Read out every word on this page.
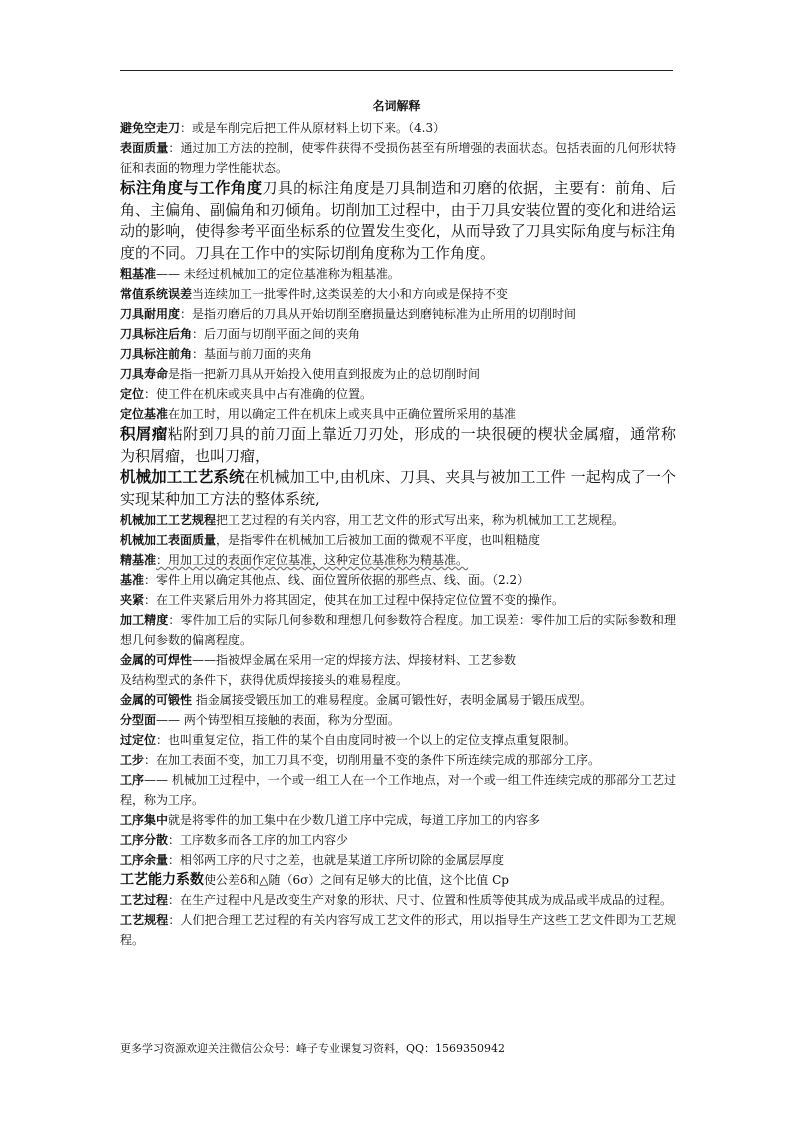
名词解释
避免空走刀：或是车削完后把工件从原材料上切下来。（4.3）
表面质量：通过加工方法的控制，使零件获得不受损伤甚至有所增强的表面状态。包括表面的几何形状特征和表面的物理力学性能状态。
标注角度与工作角度刀具的标注角度是刀具制造和刃磨的依据，主要有：前角、后角、主偏角、副偏角和刃倾角。切削加工过程中，由于刀具安装位置的变化和进给运动的影响，使得参考平面坐标系的位置发生变化，从而导致了刀具实际角度与标注角度的不同。刀具在工作中的实际切削角度称为工作角度。
粗基准—— 未经过机械加工的定位基准称为粗基准。
常值系统误差当连续加工一批零件时,这类误差的大小和方向或是保持不变
刀具耐用度：是指刃磨后的刀具从开始切削至磨损量达到磨钝标准为止所用的切削时间
刀具标注后角：后刀面与切削平面之间的夹角
刀具标注前角：基面与前刀面的夹角
刀具寿命是指一把新刀具从开始投入使用直到报废为止的总切削时间
定位：使工件在机床或夹具中占有准确的位置。
定位基准在加工时，用以确定工件在机床上或夹具中正确位置所采用的基准
积屑瘤粘附到刀具的前刀面上靠近刀刃处，形成的一块很硬的楔状金属瘤，通常称为积屑瘤，也叫刀瘤，
机械加工工艺系统在机械加工中,由机床、刀具、夹具与被加工工件 一起构成了一个实现某种加工方法的整体系统,
机械加工工艺规程把工艺过程的有关内容，用工艺文件的形式写出来，称为机械加工工艺规程。
机械加工表面质量，是指零件在机械加工后被加工面的微观不平度，也叫粗糙度
精基准：用加工过的表面作定位基准，这种定位基准称为精基准。
基准：零件上用以确定其他点、线、面位置所依据的那些点、线、面。（2.2）
夹紧：在工件夹紧后用外力将其固定，使其在加工过程中保持定位位置不变的操作。
加工精度：零件加工后的实际几何参数和理想几何参数符合程度。加工误差：零件加工后的实际参数和理想几何参数的偏离程度。
金属的可焊性——指被焊金属在采用一定的焊接方法、焊接材料、工艺参数
及结构型式的条件下，获得优质焊接接头的难易程度。
金属的可锻性 指金属接受锻压加工的难易程度。金属可锻性好，表明金属易于锻压成型。
分型面—— 两个铸型相互接触的表面，称为分型面。
过定位：也叫重复定位，指工件的某个自由度同时被一个以上的定位支撑点重复限制。
工步：在加工表面不变，加工刀具不变，切削用量不变的条件下所连续完成的那部分工序。
工序—— 机械加工过程中，一个或一组工人在一个工作地点，对一个或一组工件连续完成的那部分工艺过程，称为工序。
工序集中就是将零件的加工集中在少数几道工序中完成，每道工序加工的内容多
工序分散：工序数多而各工序的加工内容少
工序余量：相邻两工序的尺寸之差，也就是某道工序所切除的金属层厚度
工艺能力系数使公差δ和△随（6σ）之间有足够大的比值，这个比值 Cp
工艺过程：在生产过程中凡是改变生产对象的形状、尺寸、位置和性质等使其成为成品或半成品的过程。
工艺规程：人们把合理工艺过程的有关内容写成工艺文件的形式，用以指导生产这些工艺文件即为工艺规程。
更多学习资源欢迎关注微信公众号：峰子专业课复习资料，QQ：1569350942
